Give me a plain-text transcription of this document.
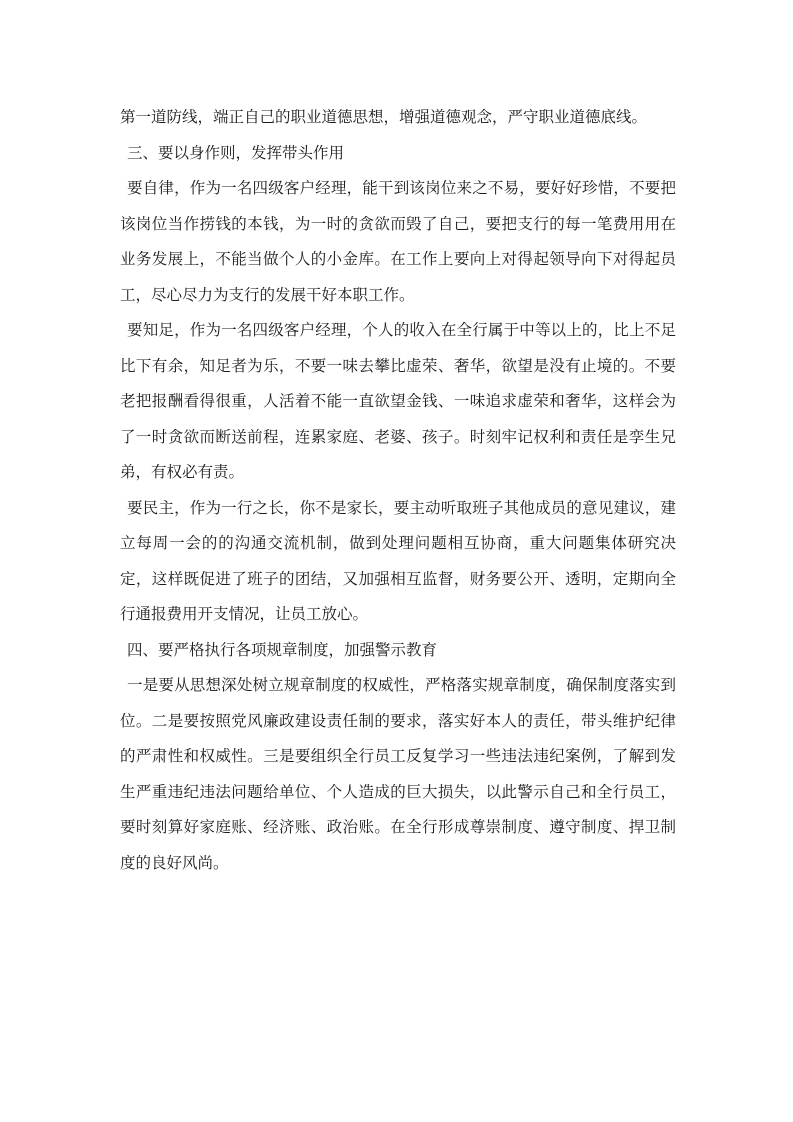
第一道防线，端正自己的职业道德思想，增强道德观念，严守职业道德底线。

三、要以身作则，发挥带头作用

要自律，作为一名四级客户经理，能干到该岗位来之不易，要好好珍惜，不要把该岗位当作捞钱的本钱，为一时的贪欲而毁了自己，要把支行的每一笔费用用在业务发展上，不能当做个人的小金库。在工作上要向上对得起领导向下对得起员工，尽心尽力为支行的发展干好本职工作。

要知足，作为一名四级客户经理，个人的收入在全行属于中等以上的，比上不足比下有余，知足者为乐，不要一味去攀比虚荣、奢华，欲望是没有止境的。不要老把报酬看得很重，人活着不能一直欲望金钱、一味追求虚荣和奢华，这样会为了一时贪欲而断送前程，连累家庭、老婆、孩子。时刻牢记权利和责任是孪生兄弟，有权必有责。

要民主，作为一行之长，你不是家长，要主动听取班子其他成员的意见建议，建立每周一会的的沟通交流机制，做到处理问题相互协商，重大问题集体研究决定，这样既促进了班子的团结，又加强相互监督，财务要公开、透明，定期向全行通报费用开支情况，让员工放心。

四、要严格执行各项规章制度，加强警示教育

一是要从思想深处树立规章制度的权威性，严格落实规章制度，确保制度落实到位。二是要按照党风廉政建设责任制的要求，落实好本人的责任，带头维护纪律的严肃性和权威性。三是要组织全行员工反复学习一些违法违纪案例，了解到发生严重违纪违法问题给单位、个人造成的巨大损失，以此警示自己和全行员工，要时刻算好家庭账、经济账、政治账。在全行形成尊崇制度、遵守制度、捍卫制度的良好风尚。
